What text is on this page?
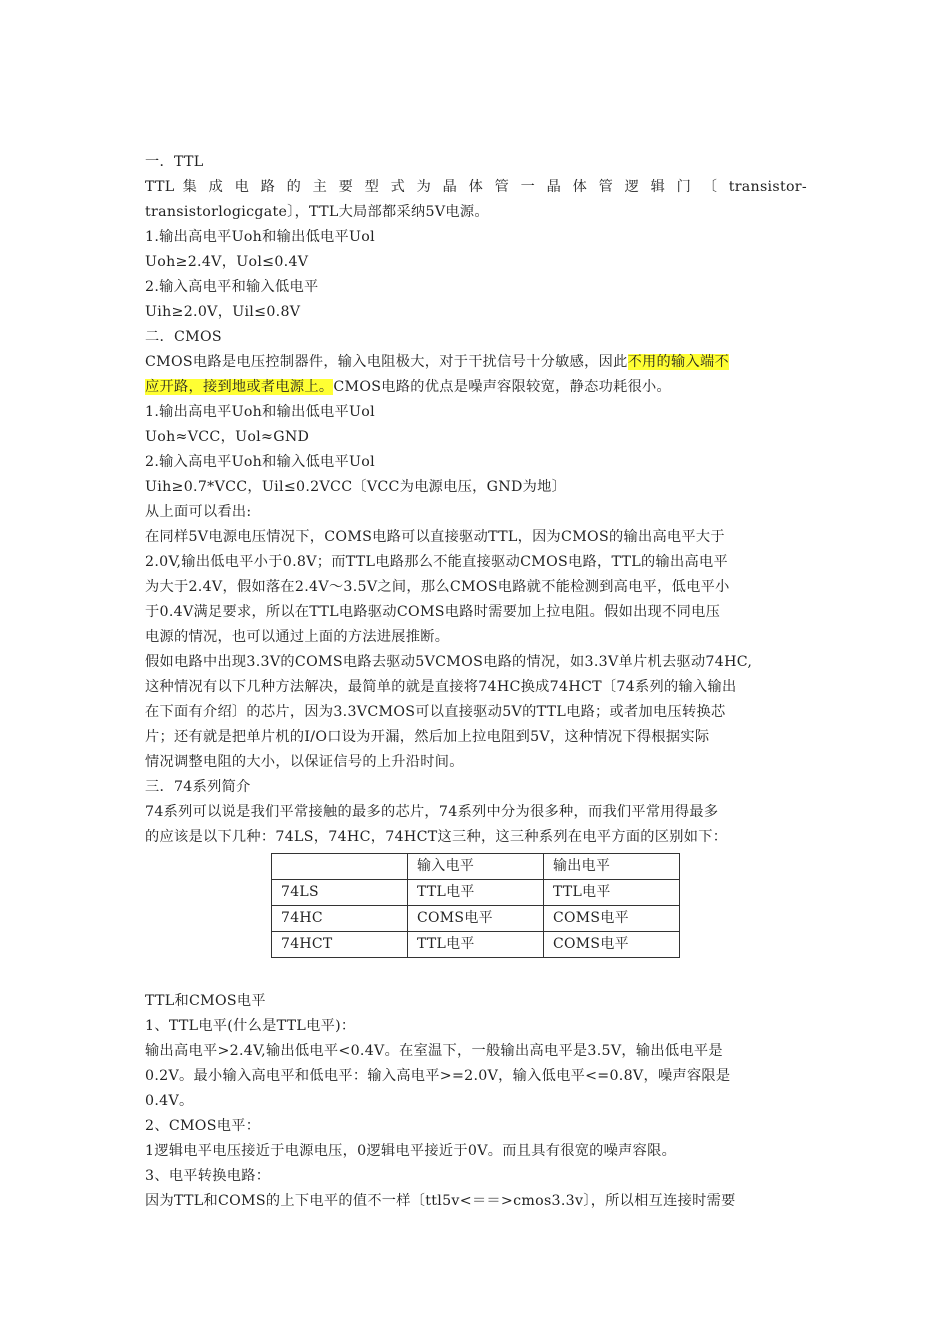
一．TTL
TTL 集 成 电 路 的 主 要 型 式 为 晶 体 管 一 晶 体 管 逻 辑 门 〔 transistor-
transistorlogicgate〕，TTL大局部都采纳5V电源。
1.输出高电平Uoh和输出低电平Uol
Uoh≥2.4V，Uol≤0.4V
2.输入高电平和输入低电平
Uih≥2.0V，Uil≤0.8V
二．CMOS
CMOS电路是电压控制器件，输入电阻极大，对于干扰信号十分敏感，因此不用的输入端不
应开路，接到地或者电源上。CMOS电路的优点是噪声容限较宽，静态功耗很小。
1.输出高电平Uoh和输出低电平Uol
Uoh≈VCC，Uol≈GND
2.输入高电平Uoh和输入低电平Uol
Uih≥0.7*VCC，Uil≤0.2VCC〔VCC为电源电压，GND为地〕
从上面可以看出:
在同样5V电源电压情况下，COMS电路可以直接驱动TTL，因为CMOS的输出高电平大于
2.0V,输出低电平小于0.8V；而TTL电路那么不能直接驱动CMOS电路，TTL的输出高电平
为大于2.4V，假如落在2.4V～3.5V之间，那么CMOS电路就不能检测到高电平，低电平小
于0.4V满足要求，所以在TTL电路驱动COMS电路时需要加上拉电阻。假如出现不同电压
电源的情况，也可以通过上面的方法进展推断。
假如电路中出现3.3V的COMS电路去驱动5VCMOS电路的情况，如3.3V单片机去驱动74HC,
这种情况有以下几种方法解决，最简单的就是直接将74HC换成74HCT〔74系列的输入输出
在下面有介绍〕的芯片，因为3.3VCMOS可以直接驱动5V的TTL电路；或者加电压转换芯
片；还有就是把单片机的I/O口设为开漏，然后加上拉电阻到5V，这种情况下得根据实际
情况调整电阻的大小，以保证信号的上升沿时间。
三．74系列简介
74系列可以说是我们平常接触的最多的芯片，74系列中分为很多种，而我们平常用得最多
的应该是以下几种：74LS，74HC，74HCT这三种，这三种系列在电平方面的区别如下：
	输入电平	输出电平
74LS	TTL电平	TTL电平
74HC	COMS电平	COMS电平
74HCT	TTL电平	COMS电平
TTL和CMOS电平
1、TTL电平(什么是TTL电平)：
输出高电平>2.4V,输出低电平<0.4V。在室温下，一般输出高电平是3.5V，输出低电平是
0.2V。最小输入高电平和低电平：输入高电平>=2.0V，输入低电平<=0.8V，噪声容限是
0.4V。
2、CMOS电平：
1逻辑电平电压接近于电源电压，0逻辑电平接近于0V。而且具有很宽的噪声容限。
3、电平转换电路：
因为TTL和COMS的上下电平的值不一样〔ttl5v<＝＝>cmos3.3v〕，所以相互连接时需要
